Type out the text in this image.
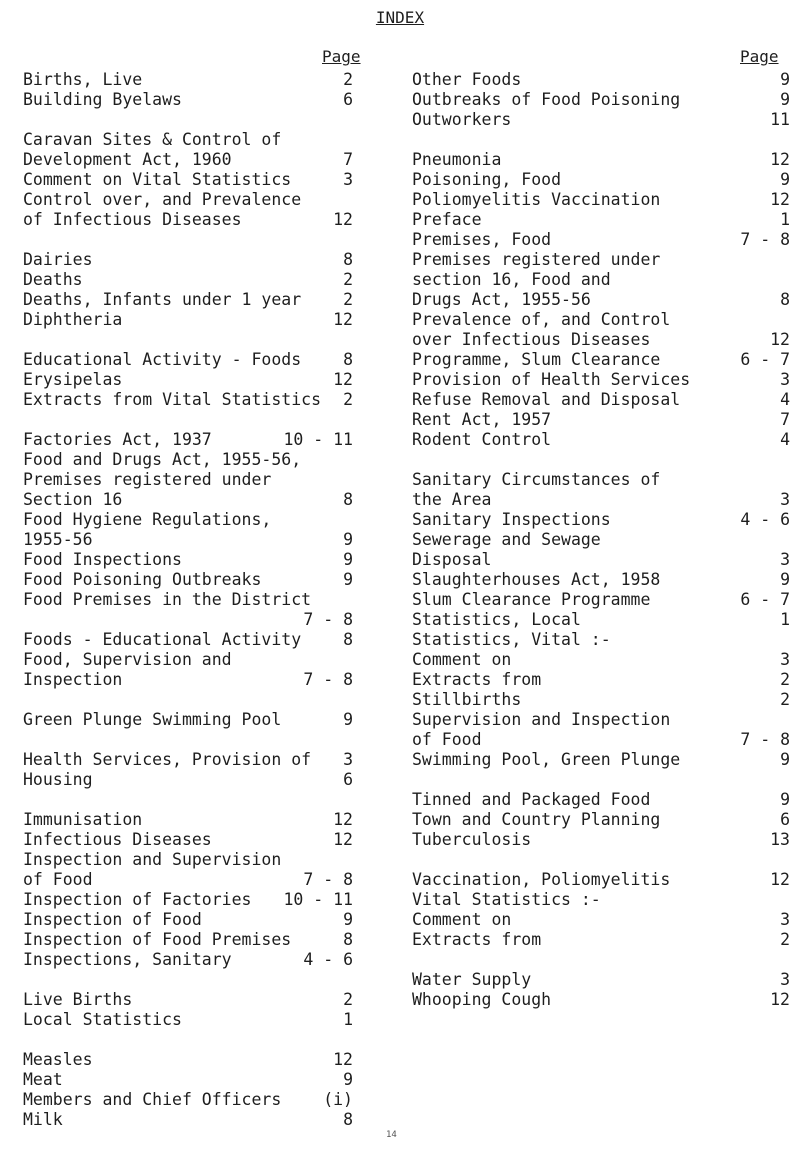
INDEX
Page	Page
Births, Live	2
Building Byelaws	6
Caravan Sites & Control of
Development Act, 1960	7
Comment on Vital Statistics	3
Control over, and Prevalence
of Infectious Diseases	12
Dairies	8
Deaths	2
Deaths, Infants under 1 year	2
Diphtheria	12
Educational Activity - Foods	8
Erysipelas	12
Extracts from Vital Statistics 2
Factories Act, 1937	10 - 11
Food and Drugs Act, 1955-56,
Premises registered under
Section 16	8
Food Hygiene Regulations,
1955-56	9
Food Inspections	9
Food Poisoning Outbreaks	9
Food Premises in the District
7 - 8
Foods - Educational Activity	8
Food, Supervision and
Inspection	7 - 8
Green Plunge Swimming Pool	9
Health Services, Provision of 3
Housing	6
Immunisation	12
Infectious Diseases	12
Inspection and Supervision
of Food	7 - 8
Inspection of Factories 10 - 11
Inspection of Food	9
Inspection of Food Premises	8
Inspections, Sanitary	4 - 6
Live Births	2
Local Statistics	1
Measles	12
Meat	9
Members and Chief Officers	(i)
Milk	8
Other Foods	9
Outbreaks of Food Poisoning	9
Outworkers	11
Pneumonia	12
Poisoning, Food	9
Poliomyelitis Vaccination	12
Preface	1
Premises, Food	7 - 8
Premises registered under
section 16, Food and
Drugs Act, 1955-56	8
Prevalence of, and Control
over Infectious Diseases	12
Programme, Slum Clearance	6 - 7
Provision of Health Services	3
Refuse Removal and Disposal	4
Rent Act, 1957	7
Rodent Control	4
Sanitary Circumstances of
the Area	3
Sanitary Inspections	4 - 6
Sewerage and Sewage
Disposal	3
Slaughterhouses Act, 1958	9
Slum Clearance Programme	6 - 7
Statistics, Local	1
Statistics, Vital :-
Comment on	3
Extracts from	2
Stillbirths	2
Supervision and Inspection
of Food	7 - 8
Swimming Pool, Green Plunge	9
Tinned and Packaged Food	9
Town and Country Planning	6
Tuberculosis	13
Vaccination, Poliomyelitis	12
Vital Statistics :-
Comment on	3
Extracts from	2
Water Supply	3
Whooping Cough	12
14
